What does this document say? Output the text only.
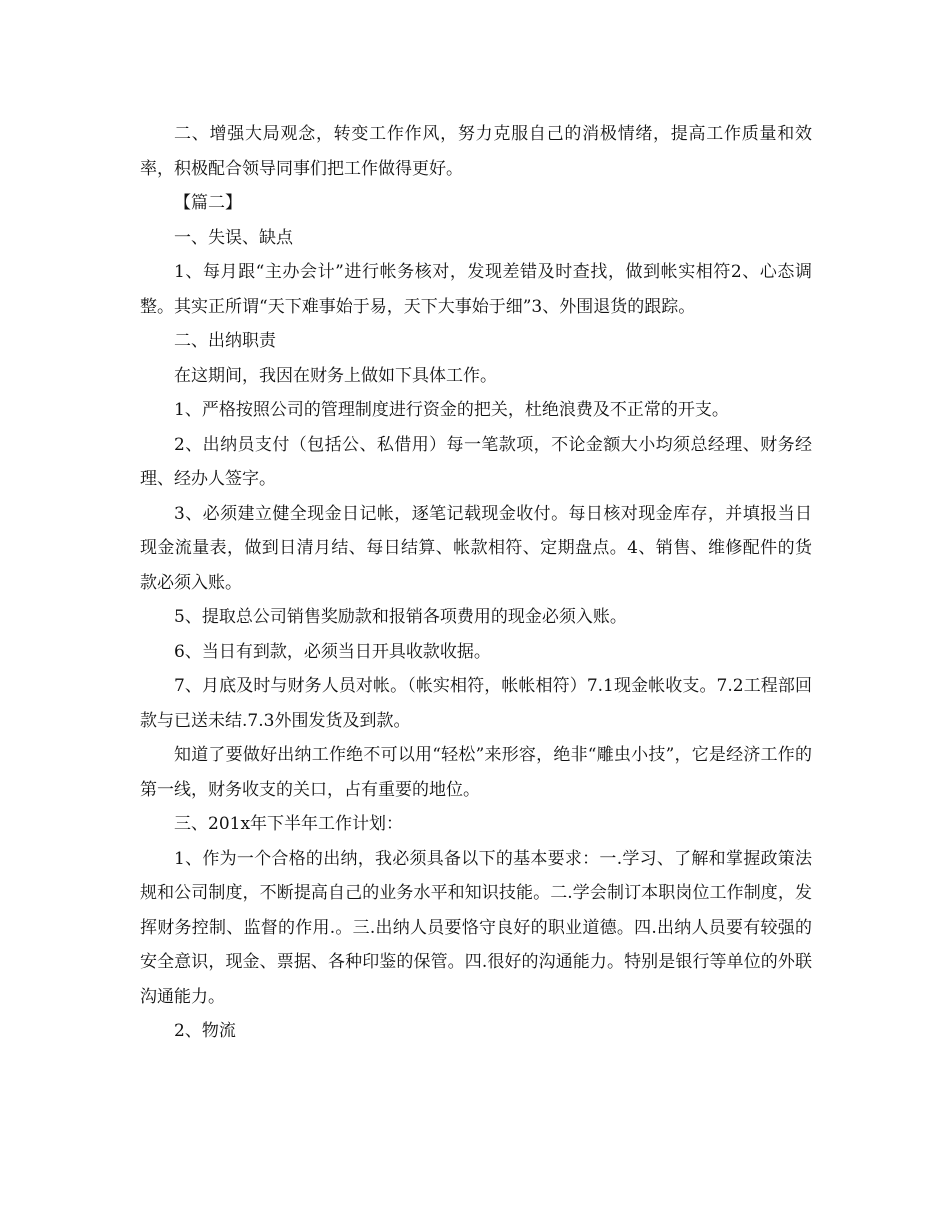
二、增强大局观念，转变工作作风，努力克服自己的消极情绪，提高工作质量和效率，积极配合领导同事们把工作做得更好。

【篇二】

一、失误、缺点

1、每月跟“主办会计”进行帐务核对，发现差错及时查找，做到帐实相符2、心态调整。其实正所谓“天下难事始于易，天下大事始于细”3、外围退货的跟踪。

二、出纳职责

在这期间，我因在财务上做如下具体工作。

1、严格按照公司的管理制度进行资金的把关，杜绝浪费及不正常的开支。

2、出纳员支付（包括公、私借用）每一笔款项，不论金额大小均须总经理、财务经理、经办人签字。

3、必须建立健全现金日记帐，逐笔记载现金收付。每日核对现金库存，并填报当日现金流量表，做到日清月结、每日结算、帐款相符、定期盘点。4、销售、维修配件的货款必须入账。

5、提取总公司销售奖励款和报销各项费用的现金必须入账。

6、当日有到款，必须当日开具收款收据。

7、月底及时与财务人员对帐。（帐实相符，帐帐相符）7.1现金帐收支。7.2工程部回款与已送未结.7.3外围发货及到款。

知道了要做好出纳工作绝不可以用“轻松”来形容，绝非“雕虫小技”，它是经济工作的第一线，财务收支的关口，占有重要的地位。

三、201x年下半年工作计划：

1、作为一个合格的出纳，我必须具备以下的基本要求：一.学习、了解和掌握政策法规和公司制度，不断提高自己的业务水平和知识技能。二.学会制订本职岗位工作制度，发挥财务控制、监督的作用.。三.出纳人员要恪守良好的职业道德。四.出纳人员要有较强的安全意识，现金、票据、各种印鉴的保管。四.很好的沟通能力。特别是银行等单位的外联沟通能力。

2、物流
